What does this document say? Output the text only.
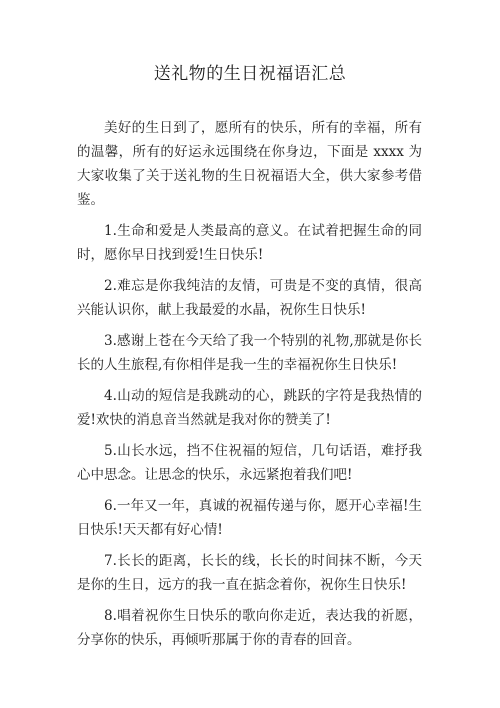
送礼物的生日祝福语汇总

美好的生日到了，愿所有的快乐，所有的幸福，所有的温馨，所有的好运永远围绕在你身边，下面是 xxxx 为大家收集了关于送礼物的生日祝福语大全，供大家参考借鉴。

1.生命和爱是人类最高的意义。在试着把握生命的同时，愿你早日找到爱!生日快乐!
2.难忘是你我纯洁的友情，可贵是不变的真情，很高兴能认识你，献上我最爱的水晶，祝你生日快乐!
3.感谢上苍在今天给了我一个特别的礼物,那就是你长长的人生旅程,有你相伴是我一生的幸福祝你生日快乐!
4.山动的短信是我跳动的心，跳跃的字符是我热情的爱!欢快的消息音当然就是我对你的赞美了!
5.山长水远，挡不住祝福的短信，几句话语，难抒我心中思念。让思念的快乐，永远紧抱着我们吧!
6.一年又一年，真诚的祝福传递与你，愿开心幸福!生日快乐!天天都有好心情!
7.长长的距离，长长的线，长长的时间抹不断，今天是你的生日，远方的我一直在掂念着你，祝你生日快乐!
8.唱着祝你生日快乐的歌向你走近，表达我的祈愿，分享你的快乐，再倾听那属于你的青春的回音。
